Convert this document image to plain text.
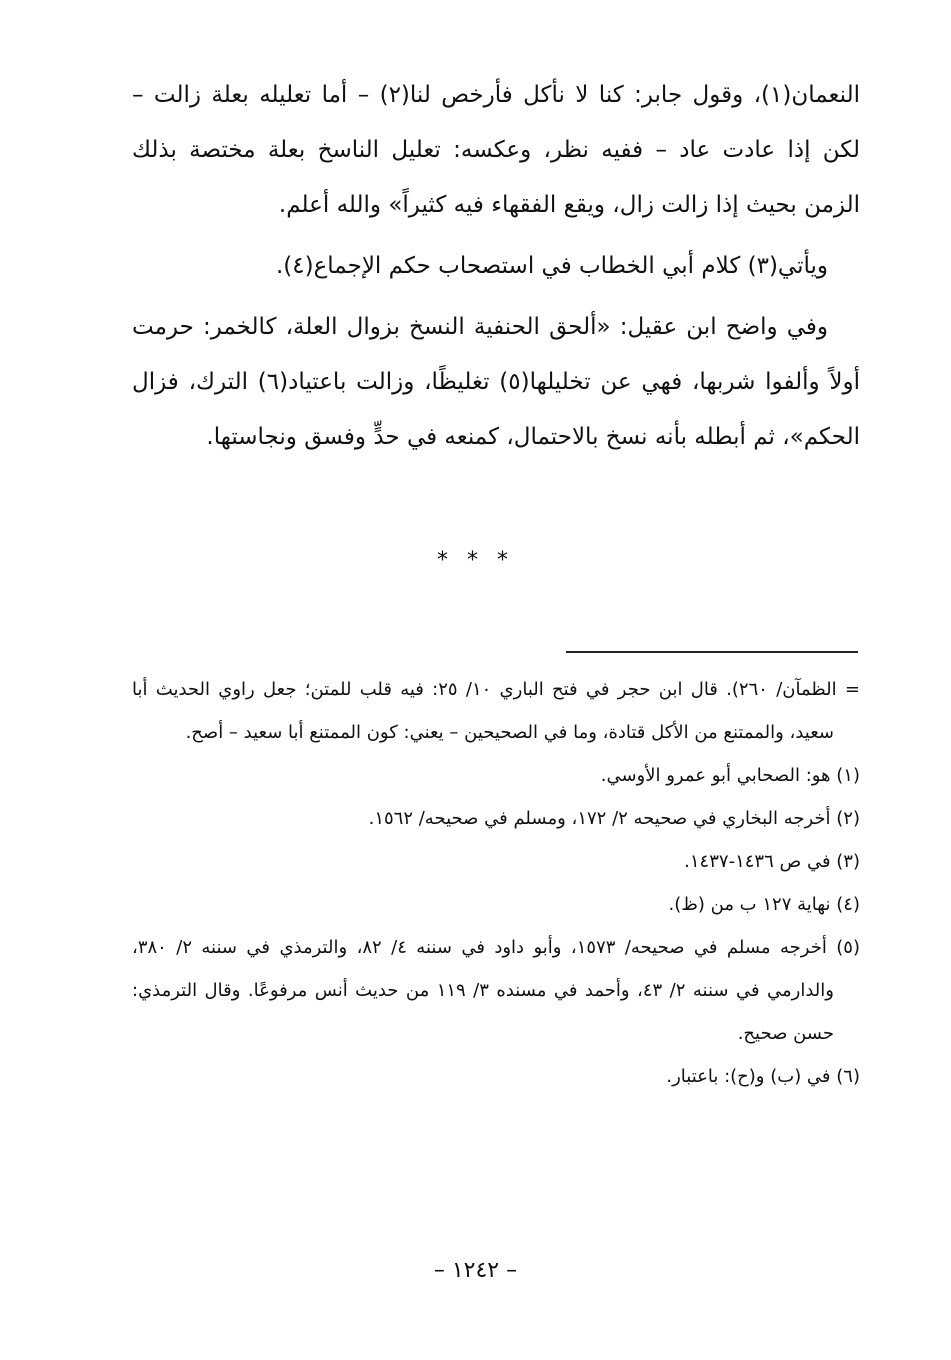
النعمان(١)، وقول جابر: كنا لا نأكل فأرخص لنا(٢) – أما تعليله بعلة زالت – لكن إذا عادت عاد – ففيه نظر، وعكسه: تعليل الناسخ بعلة مختصة بذلك الزمن بحيث إذا زالت زال، ويقع الفقهاء فيه كثيراً» والله أعلم.

ويأتي(٣) كلام أبي الخطاب في استصحاب حكم الإجماع(٤).

وفي واضح ابن عقيل: «ألحق الحنفية النسخ بزوال العلة، كالخمر: حرمت أولاً وألفوا شربها، فهي عن تخليلها(٥) تغليظًا، وزالت باعتياد(٦) الترك، فزال الحكم»، ثم أبطله بأنه نسخ بالاحتمال، كمنعه في حدٍّ وفسق ونجاستها.

* * *

= الظمآن/ ٢٦٠). قال ابن حجر في فتح الباري ١٠/ ٢٥: فيه قلب للمتن؛ جعل راوي الحديث أبا سعيد، والممتنع من الأكل قتادة، وما في الصحيحين – يعني: كون الممتنع أبا سعيد – أصح.

(١) هو: الصحابي أبو عمرو الأوسي.

(٢) أخرجه البخاري في صحيحه ٢/ ١٧٢، ومسلم في صحيحه/ ١٥٦٢.

(٣) في ص ١٤٣٦-١٤٣٧.

(٤) نهاية ١٢٧ ب من (ظ).

(٥) أخرجه مسلم في صحيحه/ ١٥٧٣، وأبو داود في سننه ٤/ ٨٢، والترمذي في سننه ٢/ ٣٨٠، والدارمي في سننه ٢/ ٤٣، وأحمد في مسنده ٣/ ١١٩ من حديث أنس مرفوعًا. وقال الترمذي: حسن صحيح.

(٦) في (ب) و(ح): باعتبار.

– ١٢٤٢ –
